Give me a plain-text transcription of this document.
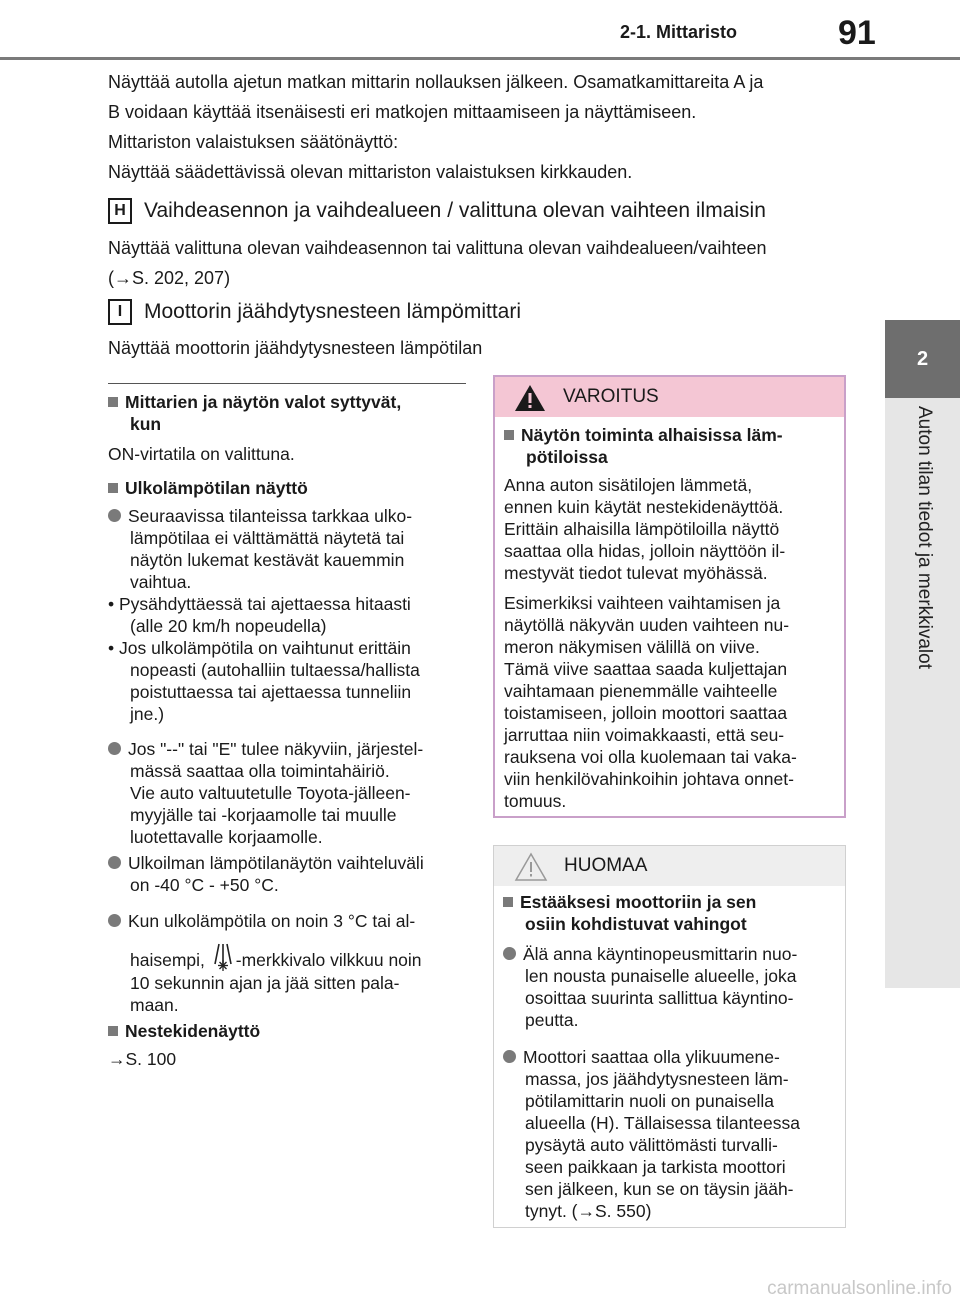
2-1. Mittaristo	91
2
Auton tilan tiedot ja merkkivalot
Näyttää autolla ajetun matkan mittarin nollauksen jälkeen. Osamatkamittareita A ja
B voidaan käyttää itsenäisesti eri matkojen mittaamiseen ja näyttämiseen.
Mittariston valaistuksen säätönäyttö:
Näyttää säädettävissä olevan mittariston valaistuksen kirkkauden.
H Vaihdeasennon ja vaihdealueen / valittuna olevan vaihteen ilmaisin
Näyttää valittuna olevan vaihdeasennon tai valittuna olevan vaihdealueen/vaihteen
(→S. 202, 207)
I	Moottorin jäähdytysnesteen lämpömittari
Näyttää moottorin jäähdytysnesteen lämpötilan
Mittarien ja näytön valot syttyvät,
kun
ON-virtatila on valittuna.
Ulkolämpötilan näyttö
Seuraavissa tilanteissa tarkkaa ulko-
lämpötilaa ei välttämättä näytetä tai
näytön lukemat kestävät kauemmin
vaihtua.
• Pysähdyttäessä tai ajettaessa hitaasti
(alle 20 km/h nopeudella)
• Jos ulkolämpötila on vaihtunut erittäin
nopeasti (autohalliin tultaessa/hallista
poistuttaessa tai ajettaessa tunneliin
jne.)
Jos "--" tai "E" tulee näkyviin, järjestel-
mässä saattaa olla toimintahäiriö.
Vie auto valtuutetulle Toyota-jälleen-
myyjälle tai -korjaamolle tai muulle
luotettavalle korjaamolle.
Ulkoilman lämpötilanäytön vaihteluväli
on -40 °C - +50 °C.
Kun ulkolämpötila on noin 3 °C tai al-
haisempi, -merkkivalo vilkkuu noin
10 sekunnin ajan ja jää sitten pala-
maan.
Nestekidenäyttö
→S. 100
VAROITUS
Näytön toiminta alhaisissa läm-
pötiloissa
Anna auton sisätilojen lämmetä,
ennen kuin käytät nestekidenäyttöä.
Erittäin alhaisilla lämpötiloilla näyttö
saattaa olla hidas, jolloin näyttöön il-
mestyvät tiedot tulevat myöhässä.
Esimerkiksi vaihteen vaihtamisen ja
näytöllä näkyvän uuden vaihteen nu-
meron näkymisen välillä on viive.
Tämä viive saattaa saada kuljettajan
vaihtamaan pienemmälle vaihteelle
toistamiseen, jolloin moottori saattaa
jarruttaa niin voimakkaasti, että seu-
rauksena voi olla kuolemaan tai vaka-
viin henkilövahinkoihin johtava onnet-
tomuus.
HUOMAA
Estääksesi moottoriin ja sen
osiin kohdistuvat vahingot
Älä anna käyntinopeusmittarin nuo-
len nousta punaiselle alueelle, joka
osoittaa suurinta sallittua käyntino-
peutta.
Moottori saattaa olla ylikuumene-
massa, jos jäähdytysnesteen läm-
pötilamittarin nuoli on punaisella
alueella (H). Tällaisessa tilanteessa
pysäytä auto välittömästi turvalli-
seen paikkaan ja tarkista moottori
sen jälkeen, kun se on täysin jääh-
tynyt. (→S. 550)
carmanualsonline.info
